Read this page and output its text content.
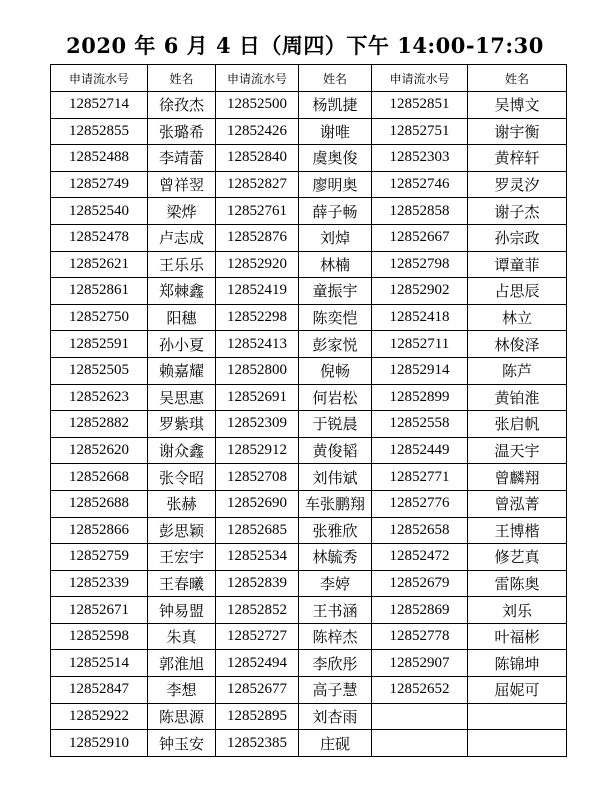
2020 年 6 月 4 日（周四）下午 14:00-17:30
申请流水号	姓名	申请流水号	姓名	申请流水号	姓名
12852714	徐孜杰	12852500	杨凯捷	12852851	吴博文
12852855	张璐希	12852426	谢唯	12852751	谢宇衡
12852488	李靖蕾	12852840	虞奥俊	12852303	黄梓轩
12852749	曾祥翌	12852827	廖明奥	12852746	罗灵汐
12852540	梁烨	12852761	薛子畅	12852858	谢子杰
12852478	卢志成	12852876	刘焯	12852667	孙宗政
12852621	王乐乐	12852920	林楠	12852798	谭童菲
12852861	郑棘鑫	12852419	童振宇	12852902	占思辰
12852750	阳穗	12852298	陈奕恺	12852418	林立
12852591	孙小夏	12852413	彭家悦	12852711	林俊泽
12852505	赖嘉耀	12852800	倪畅	12852914	陈芦
12852623	吴思惠	12852691	何岩松	12852899	黄铂淮
12852882	罗紫琪	12852309	于锐晨	12852558	张启帆
12852620	谢众鑫	12852912	黄俊韬	12852449	温天宇
12852668	张令昭	12852708	刘伟斌	12852771	曾麟翔
12852688	张赫	12852690	车张鹏翔	12852776	曾泓菁
12852866	彭思颖	12852685	张雅欣	12852658	王博楷
12852759	王宏宇	12852534	林毓秀	12852472	修艺真
12852339	王春曦	12852839	李婷	12852679	雷陈奥
12852671	钟易盟	12852852	王书涵	12852869	刘乐
12852598	朱真	12852727	陈梓杰	12852778	叶福彬
12852514	郭淮旭	12852494	李欣彤	12852907	陈锦坤
12852847	李想	12852677	高子慧	12852652	屈妮可
12852922	陈思源	12852895	刘杏雨		
12852910	钟玉安	12852385	庄砚		
